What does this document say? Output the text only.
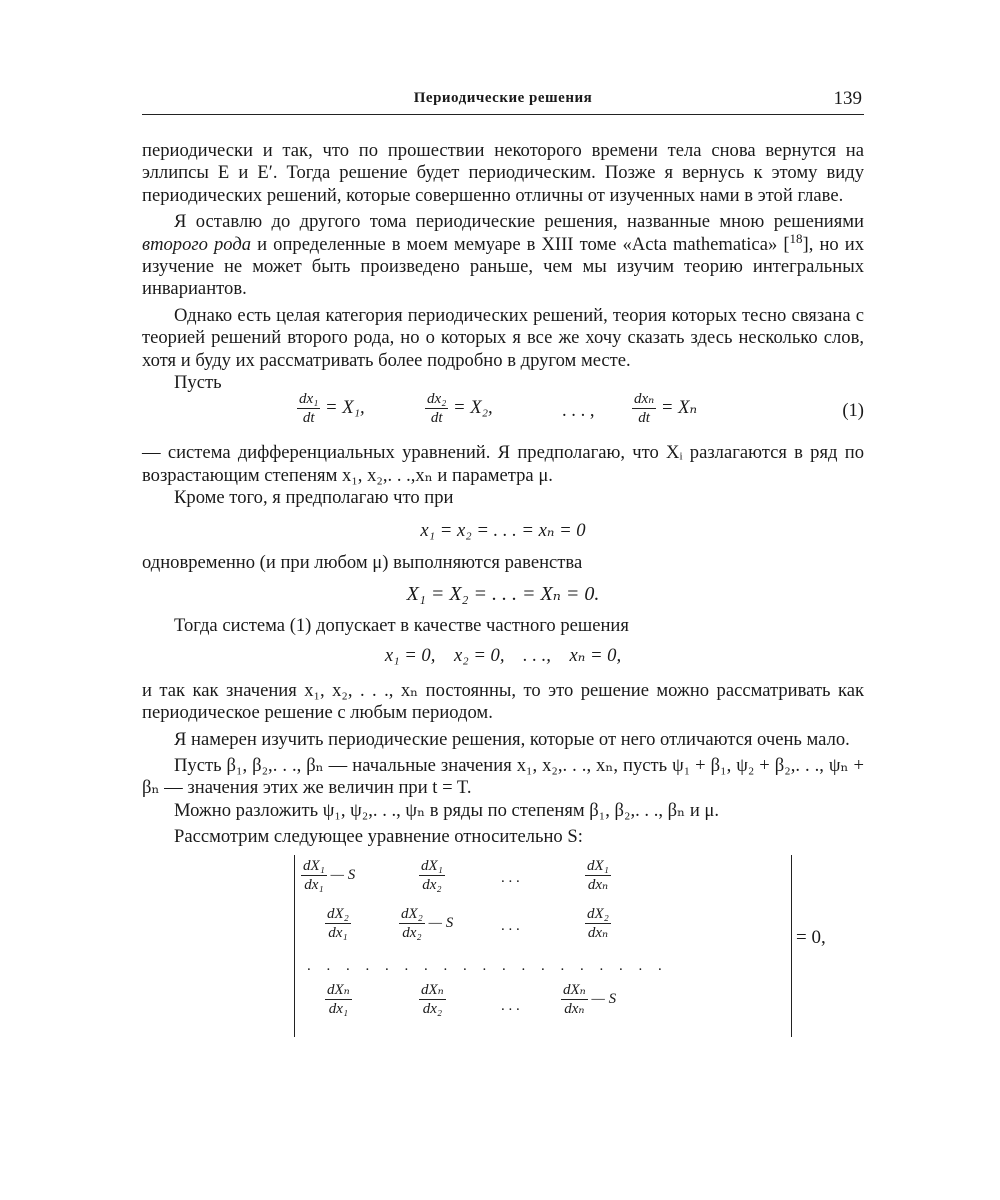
Периодические решения	139

периодически и так, что по прошествии некоторого времени тела снова вернутся на эллипсы E и E′. Тогда решение будет периодическим. Позже я вернусь к этому виду периодических решений, которые совершенно отличны от изученных нами в этой главе.

Я оставлю до другого тома периодические решения, названные мною решениями второго рода и определенные в моем мемуаре в XIII томе «Acta mathematica» [$^{18}$], но их изучение не может быть произведено раньше, чем мы изучим теорию интегральных инвариантов.

Однако есть целая категория периодических решений, теория которых тесно связана с теорией решений второго рода, но о которых я все же хочу сказать здесь несколько слов, хотя и буду их рассматривать более подробно в другом месте.

Пусть

$\frac{\text{dx₁}}{dt} = X_1$,	$\frac{\text{dx₂}}{dt} = X_2$,	. . . , $\frac{\text{dxₙ}}{dt} = X_n$	(1)

— система дифференциальных уравнений. Я предполагаю, что Xᵢ разлагаются в ряд по возрастающим степеням x₁, x₂,. . .,xₙ и параметра μ.

Кроме того, я предполагаю что при

x₁ = x₂ = . . . = xₙ = 0

одновременно (и при любом μ) выполняются равенства

X₁ = X₂ = . . . = Xₙ = 0.

Тогда система (1) допускает в качестве частного решения

x₁ = 0,    x₂ = 0,    . . .,    xₙ = 0,

и так как значения x₁, x₂, . . ., xₙ постоянны, то это решение можно рассматривать как периодическое решение с любым периодом.

Я намерен изучить периодические решения, которые от него отличаются очень мало.

Пусть β₁, β₂,. . ., βₙ — начальные значения x₁, x₂,. . ., xₙ, пусть ψ₁ + β₁, ψ₂ + β₂,. . ., ψₙ + βₙ — значения этих же величин при t = T.

Можно разложить ψ₁, ψ₂,. . ., ψₙ в ряды по степеням β₁, β₂,. . ., βₙ и μ.

Рассмотрим следующее уравнение относительно S:

$\frac{\text{dX₁}}{\text{dx₁}}$ — S	$\frac{\text{dX₁}}{\text{dx₂}}$	. . .	$\frac{\text{dX₁}}{\text{dxₙ}}$
$\frac{\text{dX₂}}{\text{dx₁}}$	$\frac{\text{dX₂}}{\text{dx₂}}$ — S	. . .	$\frac{\text{dX₂}}{\text{dxₙ}}$
. . . . . . . . . . . . . . . . . . .
$\frac{\text{dXₙ}}{\text{dx₁}}$	$\frac{\text{dXₙ}}{\text{dx₂}}$	. . .	$\frac{\text{dXₙ}}{\text{dxₙ}}$ — S
= 0,
